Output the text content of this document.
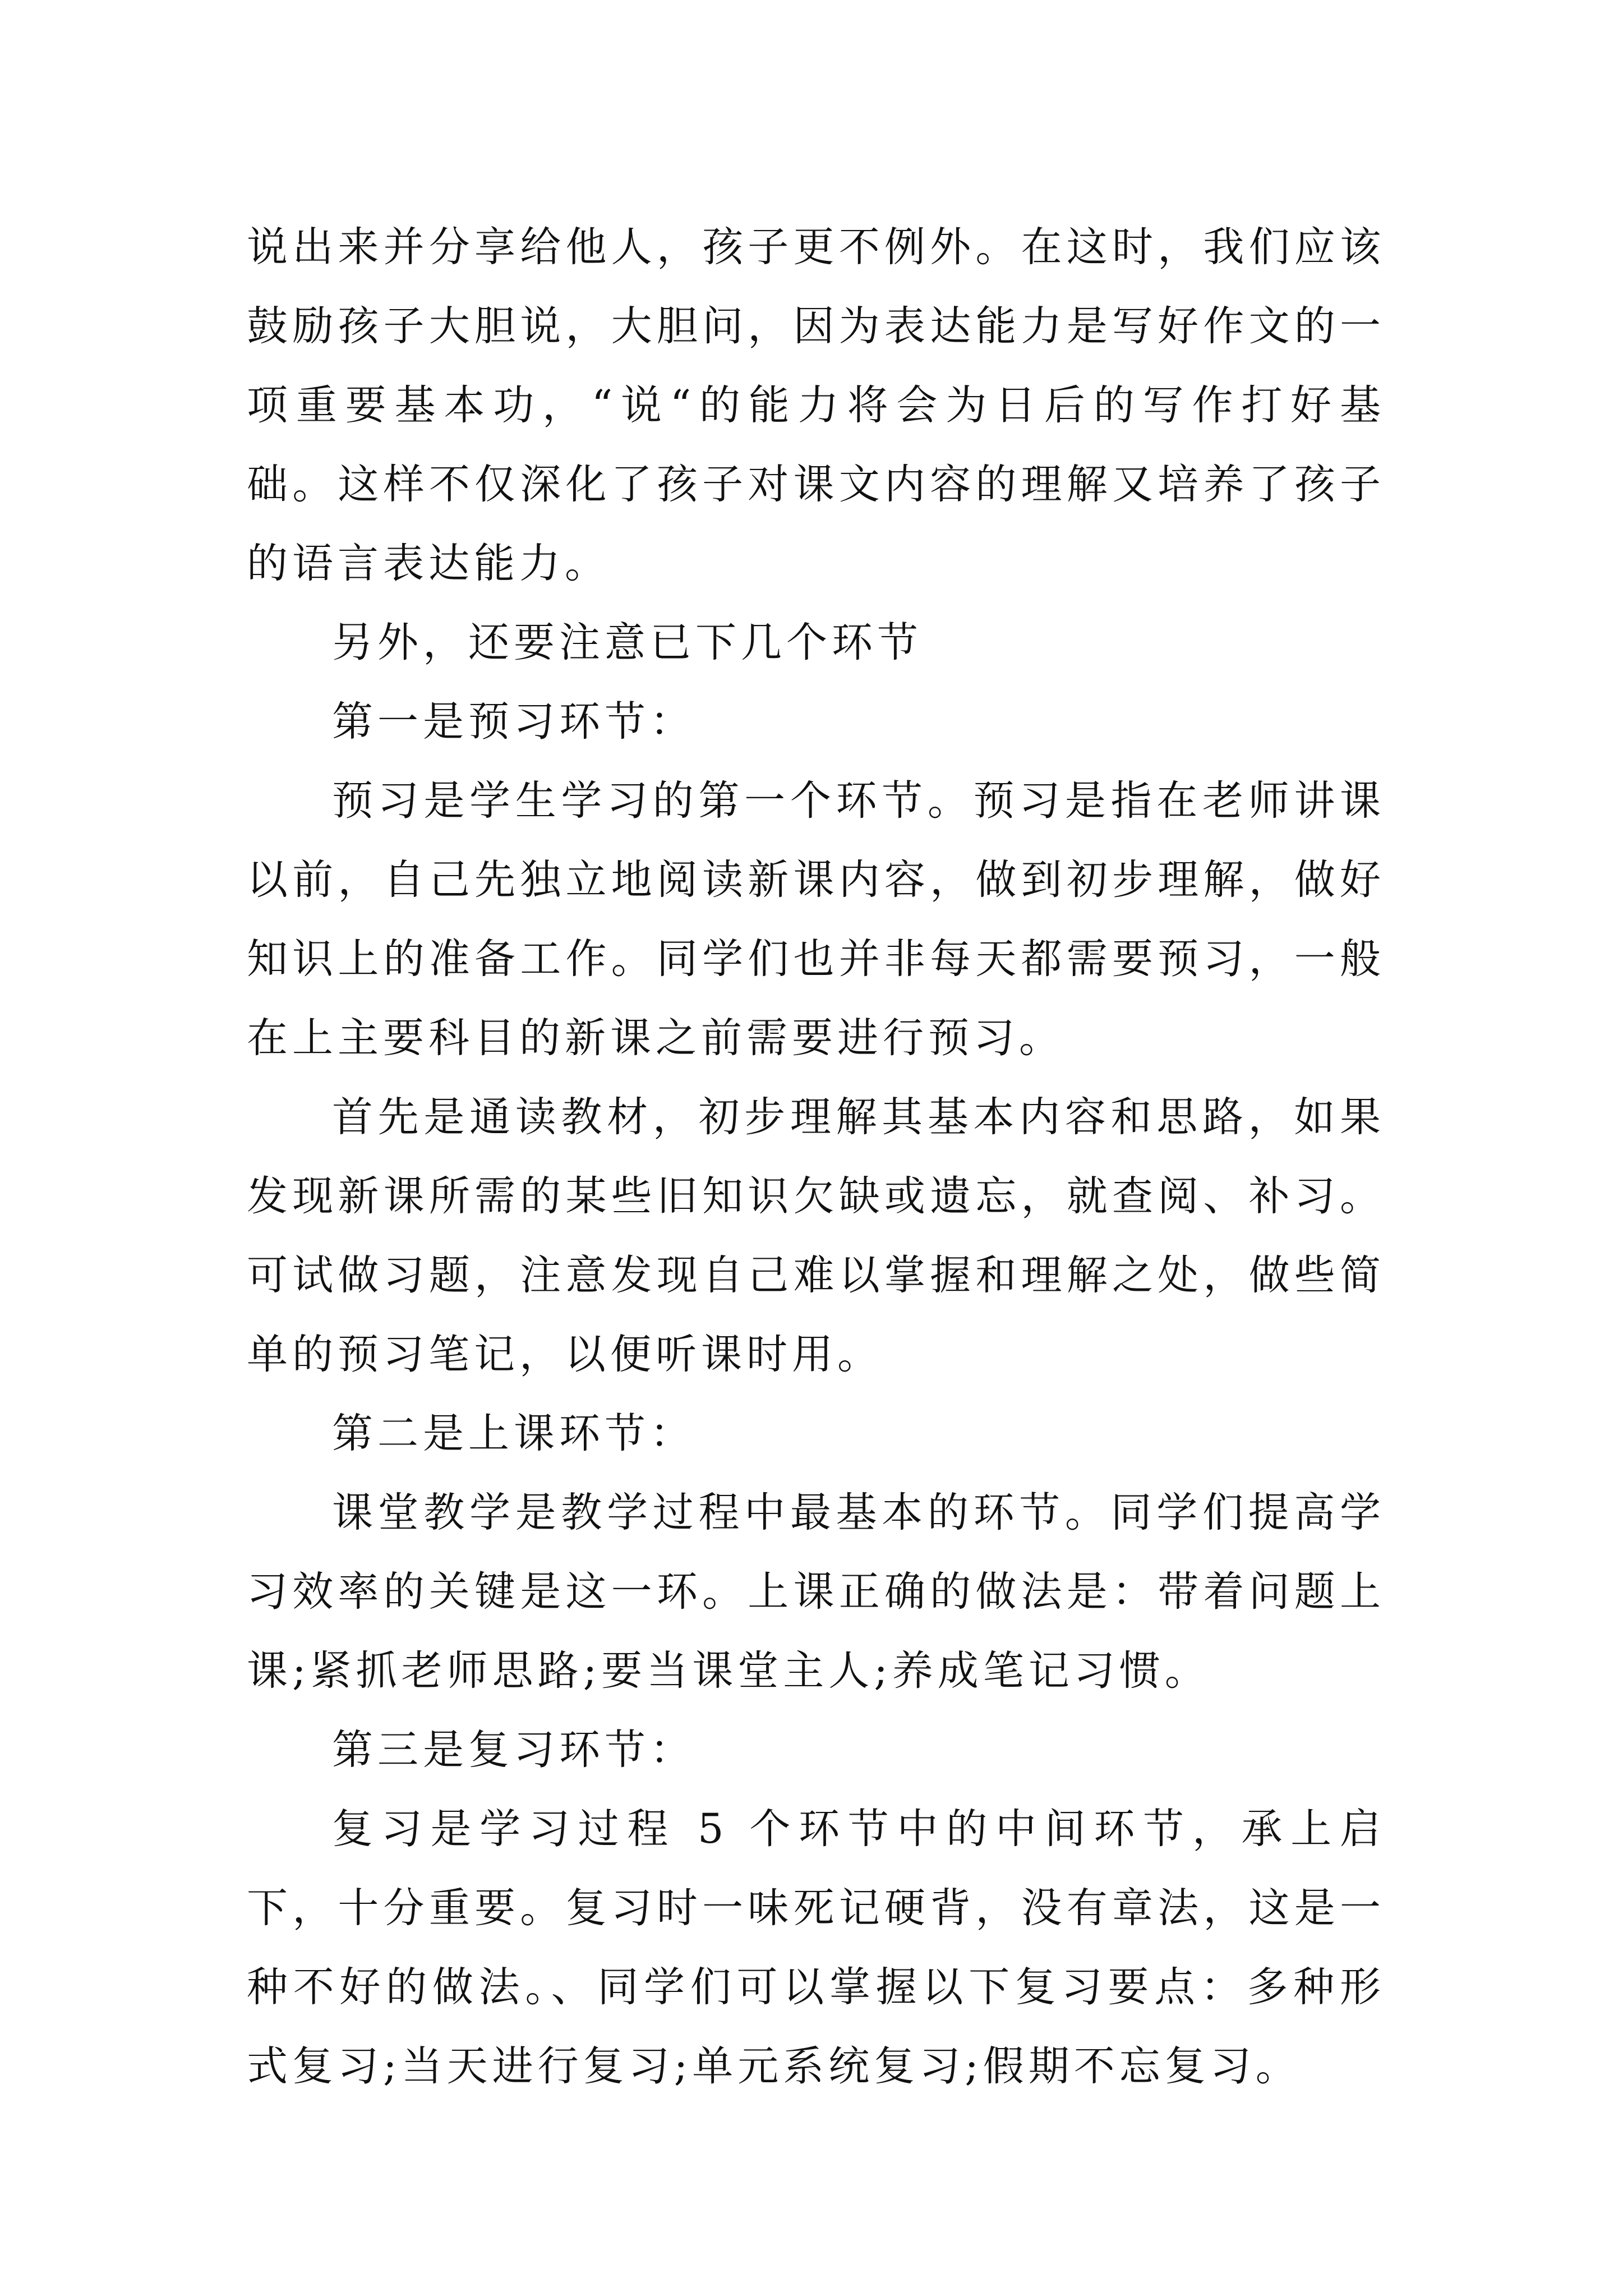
说出来并分享给他人，孩子更不例外。在这时，我们应该鼓励孩子大胆说，大胆问，因为表达能力是写好作文的一项重要基本功，“说“的能力将会为日后的写作打好基础。这样不仅深化了孩子对课文内容的理解又培养了孩子的语言表达能力。

另外，还要注意已下几个环节

第一是预习环节：

预习是学生学习的第一个环节。预习是指在老师讲课以前，自己先独立地阅读新课内容，做到初步理解，做好知识上的准备工作。同学们也并非每天都需要预习，一般在上主要科目的新课之前需要进行预习。

首先是通读教材，初步理解其基本内容和思路，如果发现新课所需的某些旧知识欠缺或遗忘，就查阅、补习。可试做习题，注意发现自己难以掌握和理解之处，做些简单的预习笔记，以便听课时用。

第二是上课环节：

课堂教学是教学过程中最基本的环节。同学们提高学习效率的关键是这一环。上课正确的做法是：带着问题上课;紧抓老师思路;要当课堂主人;养成笔记习惯。

第三是复习环节：

复习是学习过程 5 个环节中的中间环节，承上启下，十分重要。复习时一味死记硬背，没有章法，这是一种不好的做法。、同学们可以掌握以下复习要点：多种形式复习;当天进行复习;单元系统复习;假期不忘复习。
